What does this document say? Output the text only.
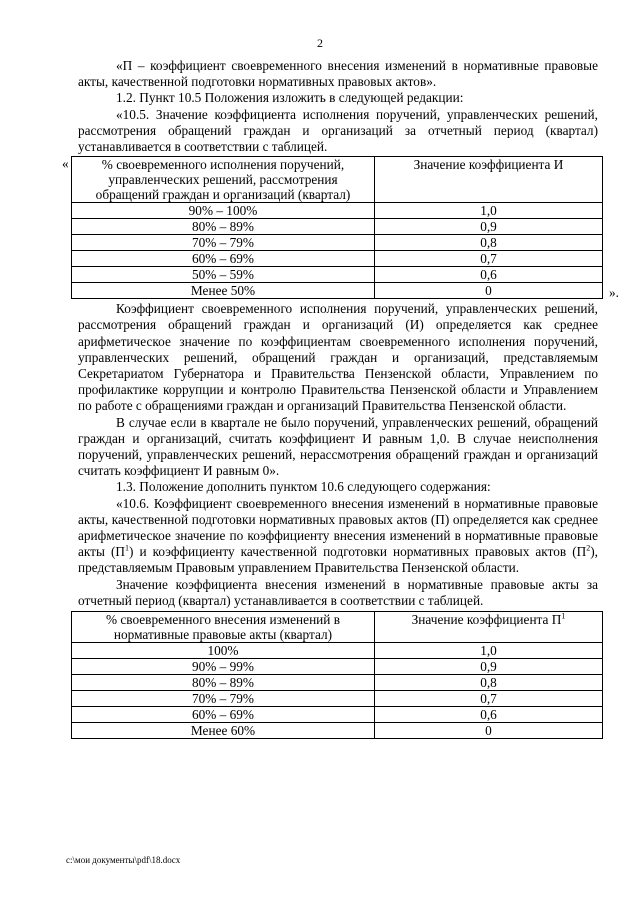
2

«П – коэффициент своевременного внесения изменений в нормативные правовые акты, качественной подготовки нормативных правовых актов».

1.2. Пункт 10.5 Положения изложить в следующей редакции:

«10.5. Значение коэффициента исполнения поручений, управленческих решений, рассмотрения обращений граждан и организаций за отчетный период (квартал) устанавливается в соответствии с таблицей.

« % своевременного исполнения поручений, управленческих решений, рассмотрения обращений граждан и организаций (квартал)	Значение коэффициента И
90% – 100%	1,0
80% – 89%	0,9
70% – 79%	0,8
60% – 69%	0,7
50% – 59%	0,6
Менее 50%	0	».

Коэффициент своевременного исполнения поручений, управленческих решений, рассмотрения обращений граждан и организаций (И) определяется как среднее арифметическое значение по коэффициентам своевременного исполнения поручений, управленческих решений, обращений граждан и организаций, представляемым Секретариатом Губернатора и Правительства Пензенской области, Управлением по профилактике коррупции и контролю Правительства Пензенской области и Управлением по работе с обращениями граждан и организаций Правительства Пензенской области.

В случае если в квартале не было поручений, управленческих решений, обращений граждан и организаций, считать коэффициент И равным 1,0. В случае неисполнения поручений, управленческих решений, нерассмотрения обращений граждан и организаций считать коэффициент И равным 0».

1.3. Положение дополнить пунктом 10.6 следующего содержания:

«10.6. Коэффициент своевременного внесения изменений в нормативные правовые акты, качественной подготовки нормативных правовых актов (П) определяется как среднее арифметическое значение по коэффициенту внесения изменений в нормативные правовые акты $(П^1)$ и коэффициенту качественной подготовки нормативных правовых актов $(П^2)$, представляемым Правовым управлением Правительства Пензенской области.

Значение коэффициента внесения изменений в нормативные правовые акты за отчетный период (квартал) устанавливается в соответствии с таблицей.

% своевременного внесения изменений в нормативные правовые акты (квартал)	Значение коэффициента $П^1$
100%	1,0
90% – 99%	0,9
80% – 89%	0,8
70% – 79%	0,7
60% – 69%	0,6
Менее 60%	0
c:\мои документы\pdf\18.docx
